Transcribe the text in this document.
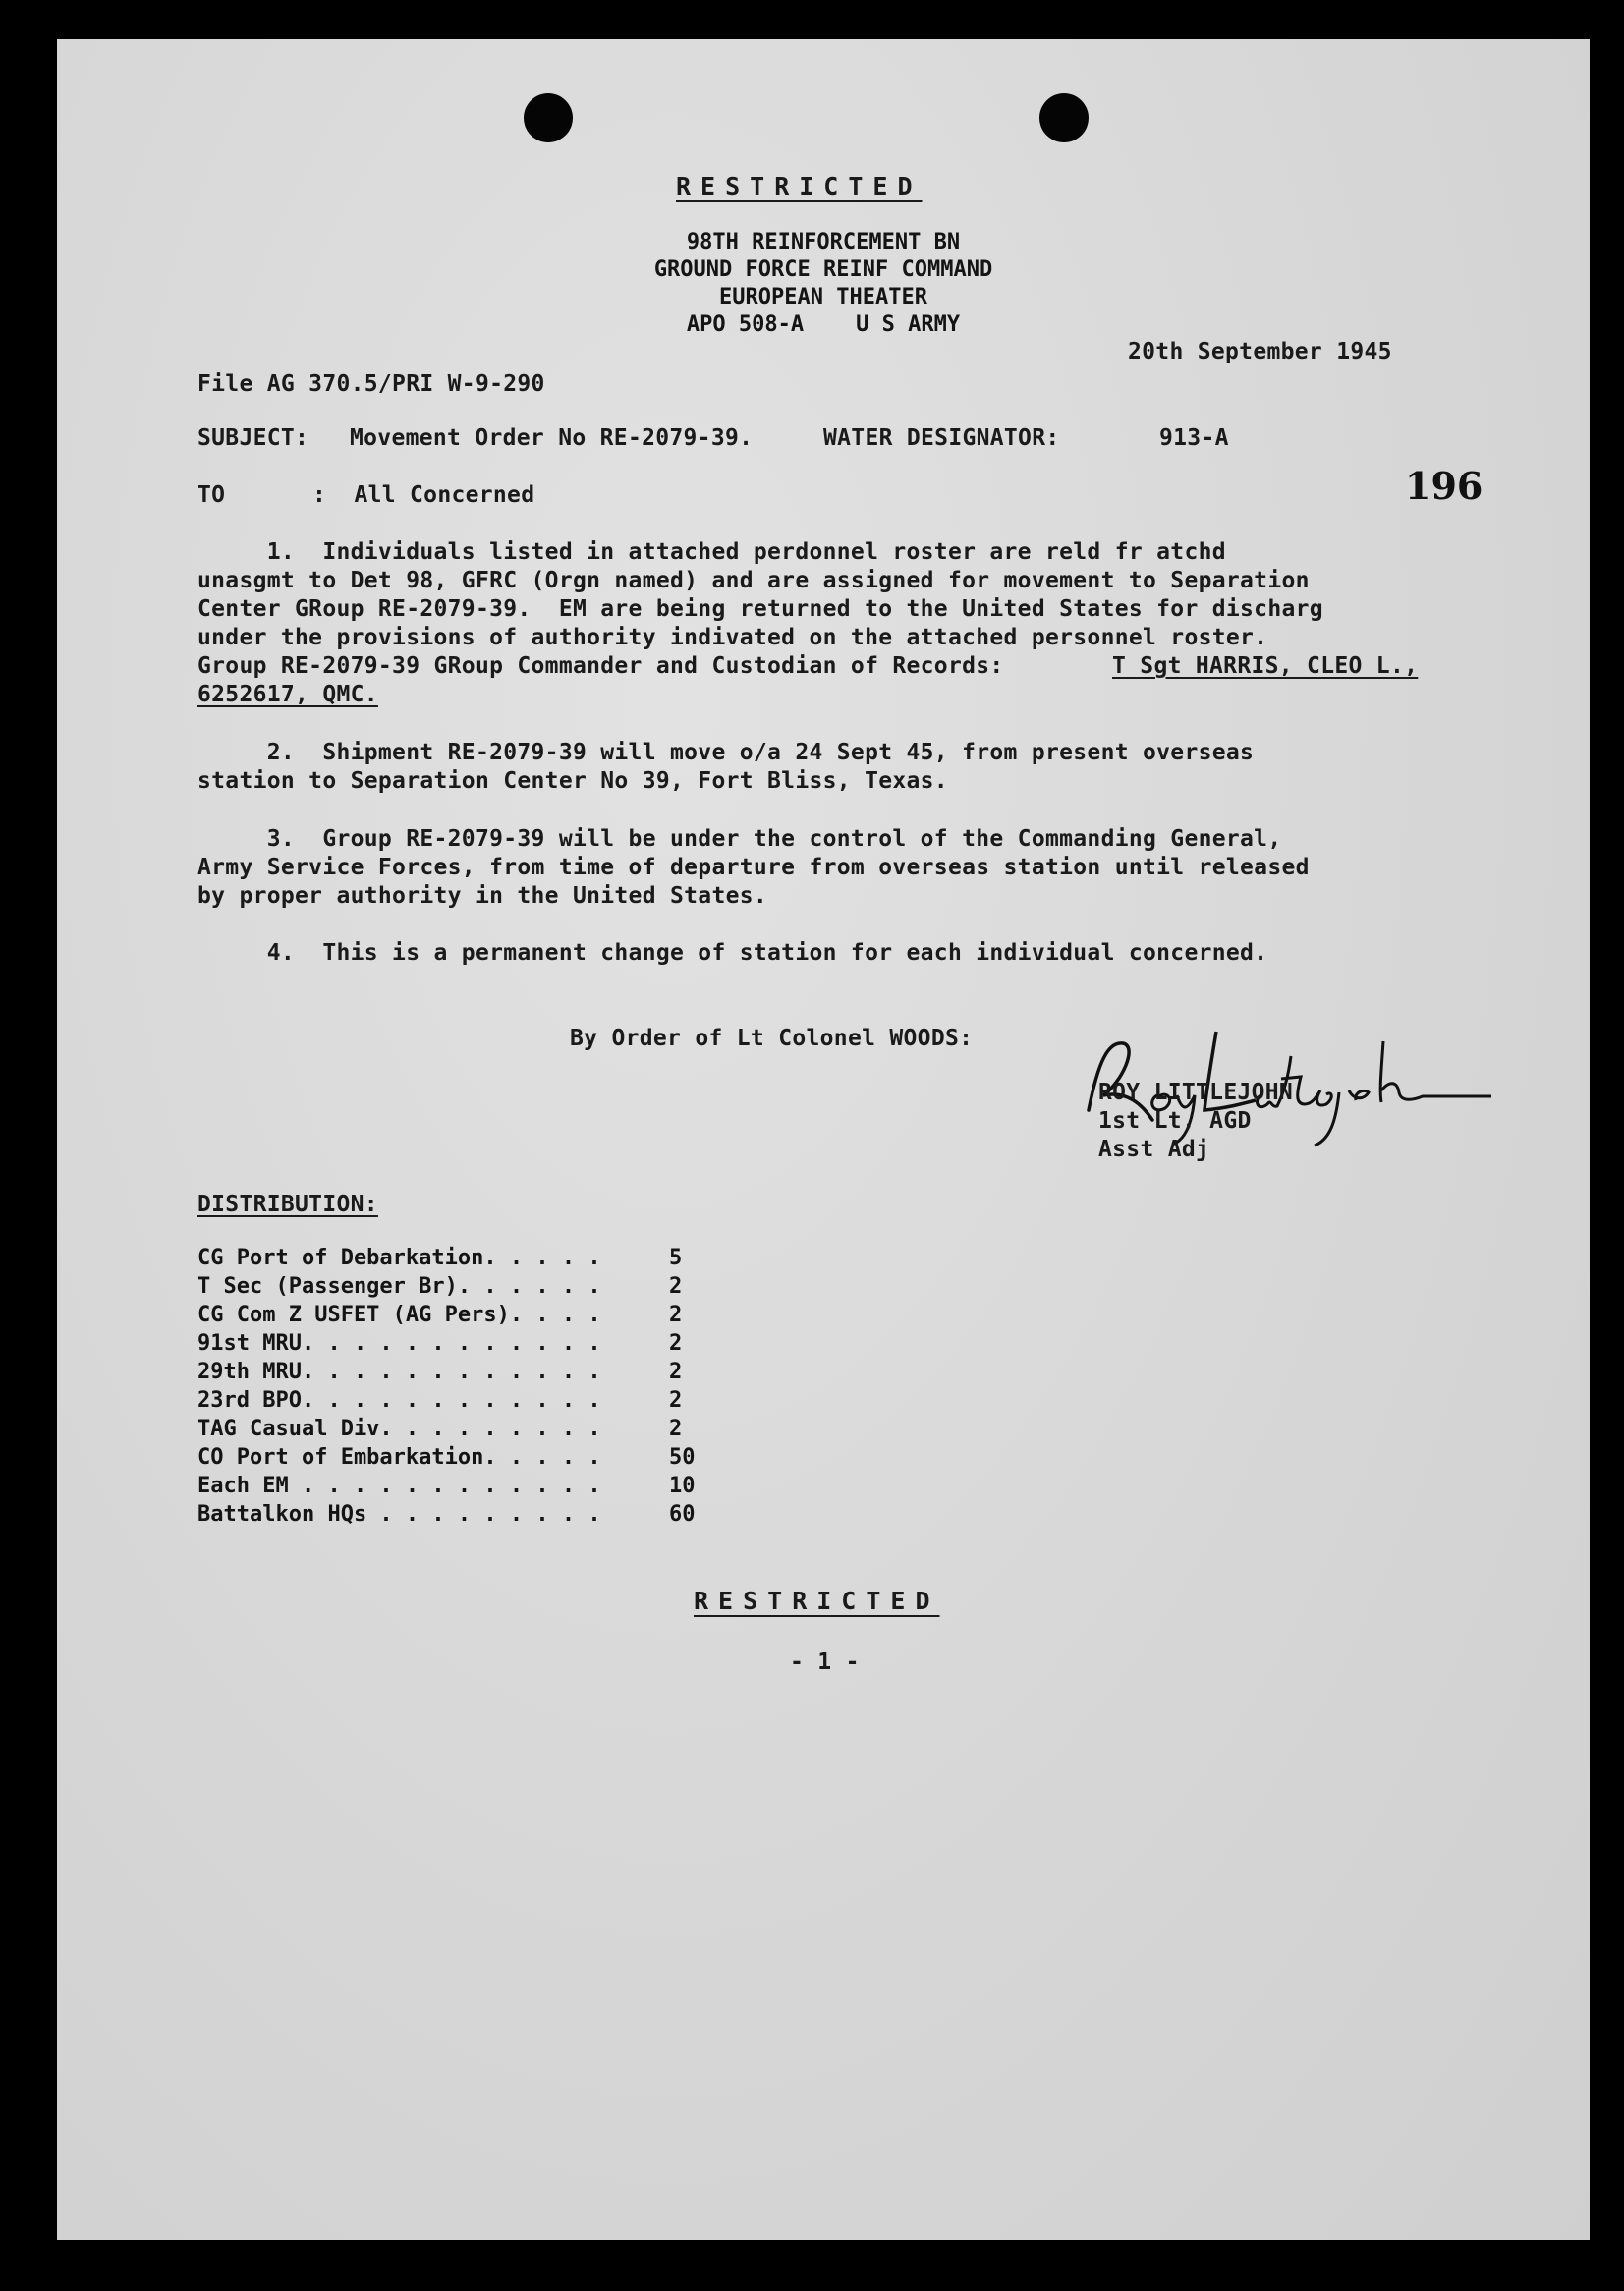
RESTRICTED
98TH REINFORCEMENT BN
GROUND FORCE REINF COMMAND
EUROPEAN THEATER
APO 508-A    U S ARMY
20th September 1945
File AG 370.5/PRI W-9-290
SUBJECT: Movement Order No RE-2079-39.	WATER DESIGNATOR:	913-A
TO	:  All Concerned	196
1.  Individuals listed in attached perdonnel roster are reld fr atchd
unasgmt to Det 98, GFRC (Orgn named) and are assigned for movement to Separation
Center GRoup RE-2079-39.  EM are being returned to the United States for discharg
under the provisions of authority indivated on the attached personnel roster.
Group RE-2079-39 GRoup Commander and Custodian of Records:	T Sgt HARRIS, CLEO L.,
6252617, QMC.
2.  Shipment RE-2079-39 will move o/a 24 Sept 45, from present overseas
station to Separation Center No 39, Fort Bliss, Texas.
3.  Group RE-2079-39 will be under the control of the Commanding General,
Army Service Forces, from time of departure from overseas station until released
by proper authority in the United States.
4.  This is a permanent change of station for each individual concerned.
By Order of Lt Colonel WOODS:
ROY LITTLEJOHN
1st Lt, AGD
Asst Adj
DISTRIBUTION:
CG Port of Debarkation. . . . .	5
T Sec (Passenger Br). . . . . .	2
CG Com Z USFET (AG Pers). . . .	2
91st MRU. . . . . . . . . . . .	2
29th MRU. . . . . . . . . . . .	2
23rd BPO. . . . . . . . . . . .	2
TAG Casual Div. . . . . . . . .	2
CO Port of Embarkation. . . . .	50
Each EM . . . . . . . . . . . .	10
Battalkon HQs . . . . . . . . .	60
RESTRICTED
- 1 -
